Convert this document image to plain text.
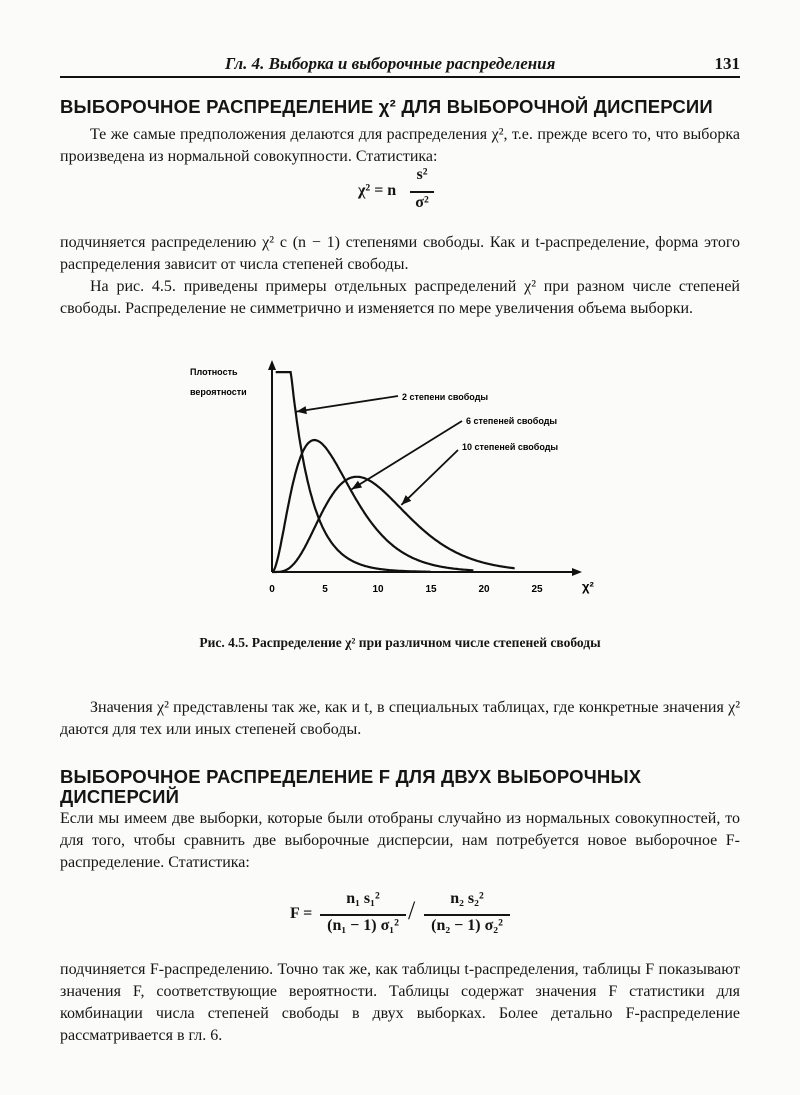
Гл. 4. Выборка и выборочные распределения	131
ВЫБОРОЧНОЕ РАСПРЕДЕЛЕНИЕ χ² ДЛЯ ВЫБОРОЧНОЙ ДИСПЕРСИИ
Те же самые предположения делаются для распределения χ², т.е. прежде всего то, что выборка произведена из нормальной совокупности. Статистика:
χ² = n
s²
σ²
подчиняется распределению χ² с (n − 1) степенями свободы. Как и t-распределение, форма этого распределения зависит от числа степеней свободы.
На рис. 4.5. приведены примеры отдельных распределений χ² при разном числе степеней свободы. Распределение не симметрично и изменяется по мере увеличения объема выборки.
Плотность
вероятности
χ²
0	5	10	15	20	25
2 степени свободы
6 степеней свободы
10 степеней свободы
Рис. 4.5. Распределение χ² при различном числе степеней свободы
Значения χ² представлены так же, как и t, в специальных таблицах, где конкретные значения χ² даются для тех или иных степеней свободы.
ВЫБОРОЧНОЕ РАСПРЕДЕЛЕНИЕ F ДЛЯ ДВУХ ВЫБОРОЧНЫХ
ДИСПЕРСИЙ
Если мы имеем две выборки, которые были отобраны случайно из нормальных совокупностей, то для того, чтобы сравнить две выборочные дисперсии, нам потребуется новое выборочное F-распределение. Статистика:
F =
n₁ s₁²
(n₁ − 1) σ₁²
/	n₂ s₂²
(n₂ − 1) σ₂²
подчиняется F-распределению. Точно так же, как таблицы t-распределения, таблицы F показывают значения F, соответствующие вероятности. Таблицы содержат значения F статистики для комбинации числа степеней свободы в двух выборках. Более детально F-распределение рассматривается в гл. 6.
